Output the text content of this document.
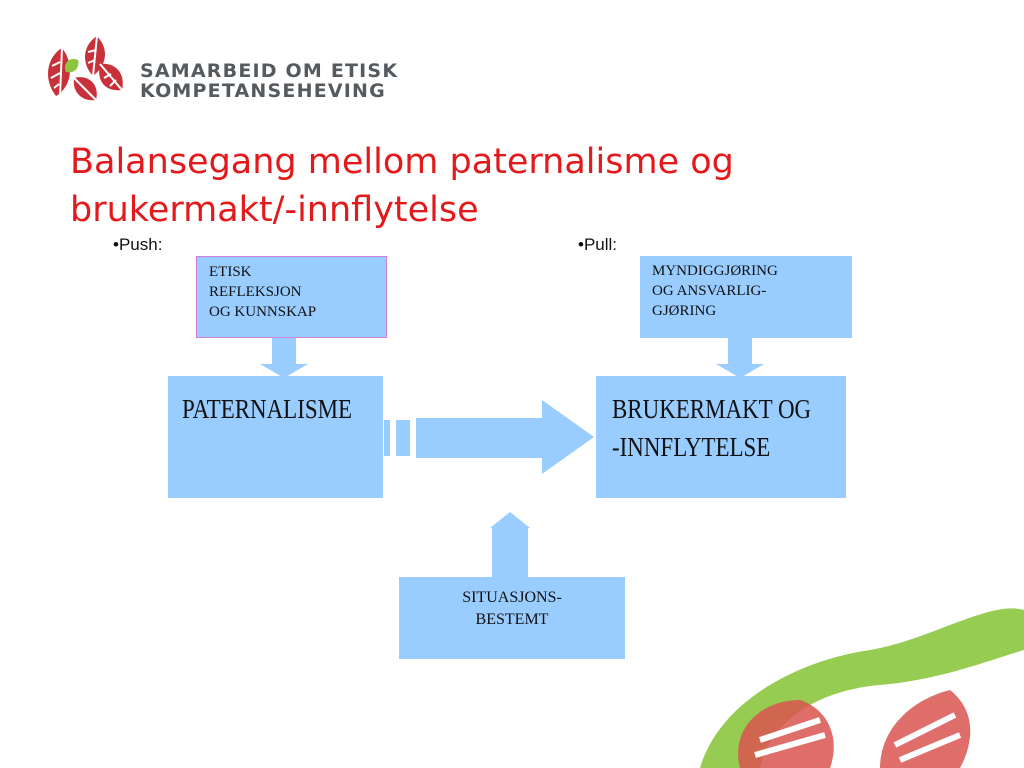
SAMARBEID OM ETISK
KOMPETANSEHEVING
Balansegang mellom paternalisme og
brukermakt/-innflytelse
•Push:	•Pull:
ETISK
REFLEKSJON
OG KUNNSKAP
MYNDIGGJØRING
OG ANSVARLIG-
GJØRING
PATERNALISME	BRUKERMAKT OG
-INNFLYTELSE
SITUASJONS-
BESTEMT
MØLLER
